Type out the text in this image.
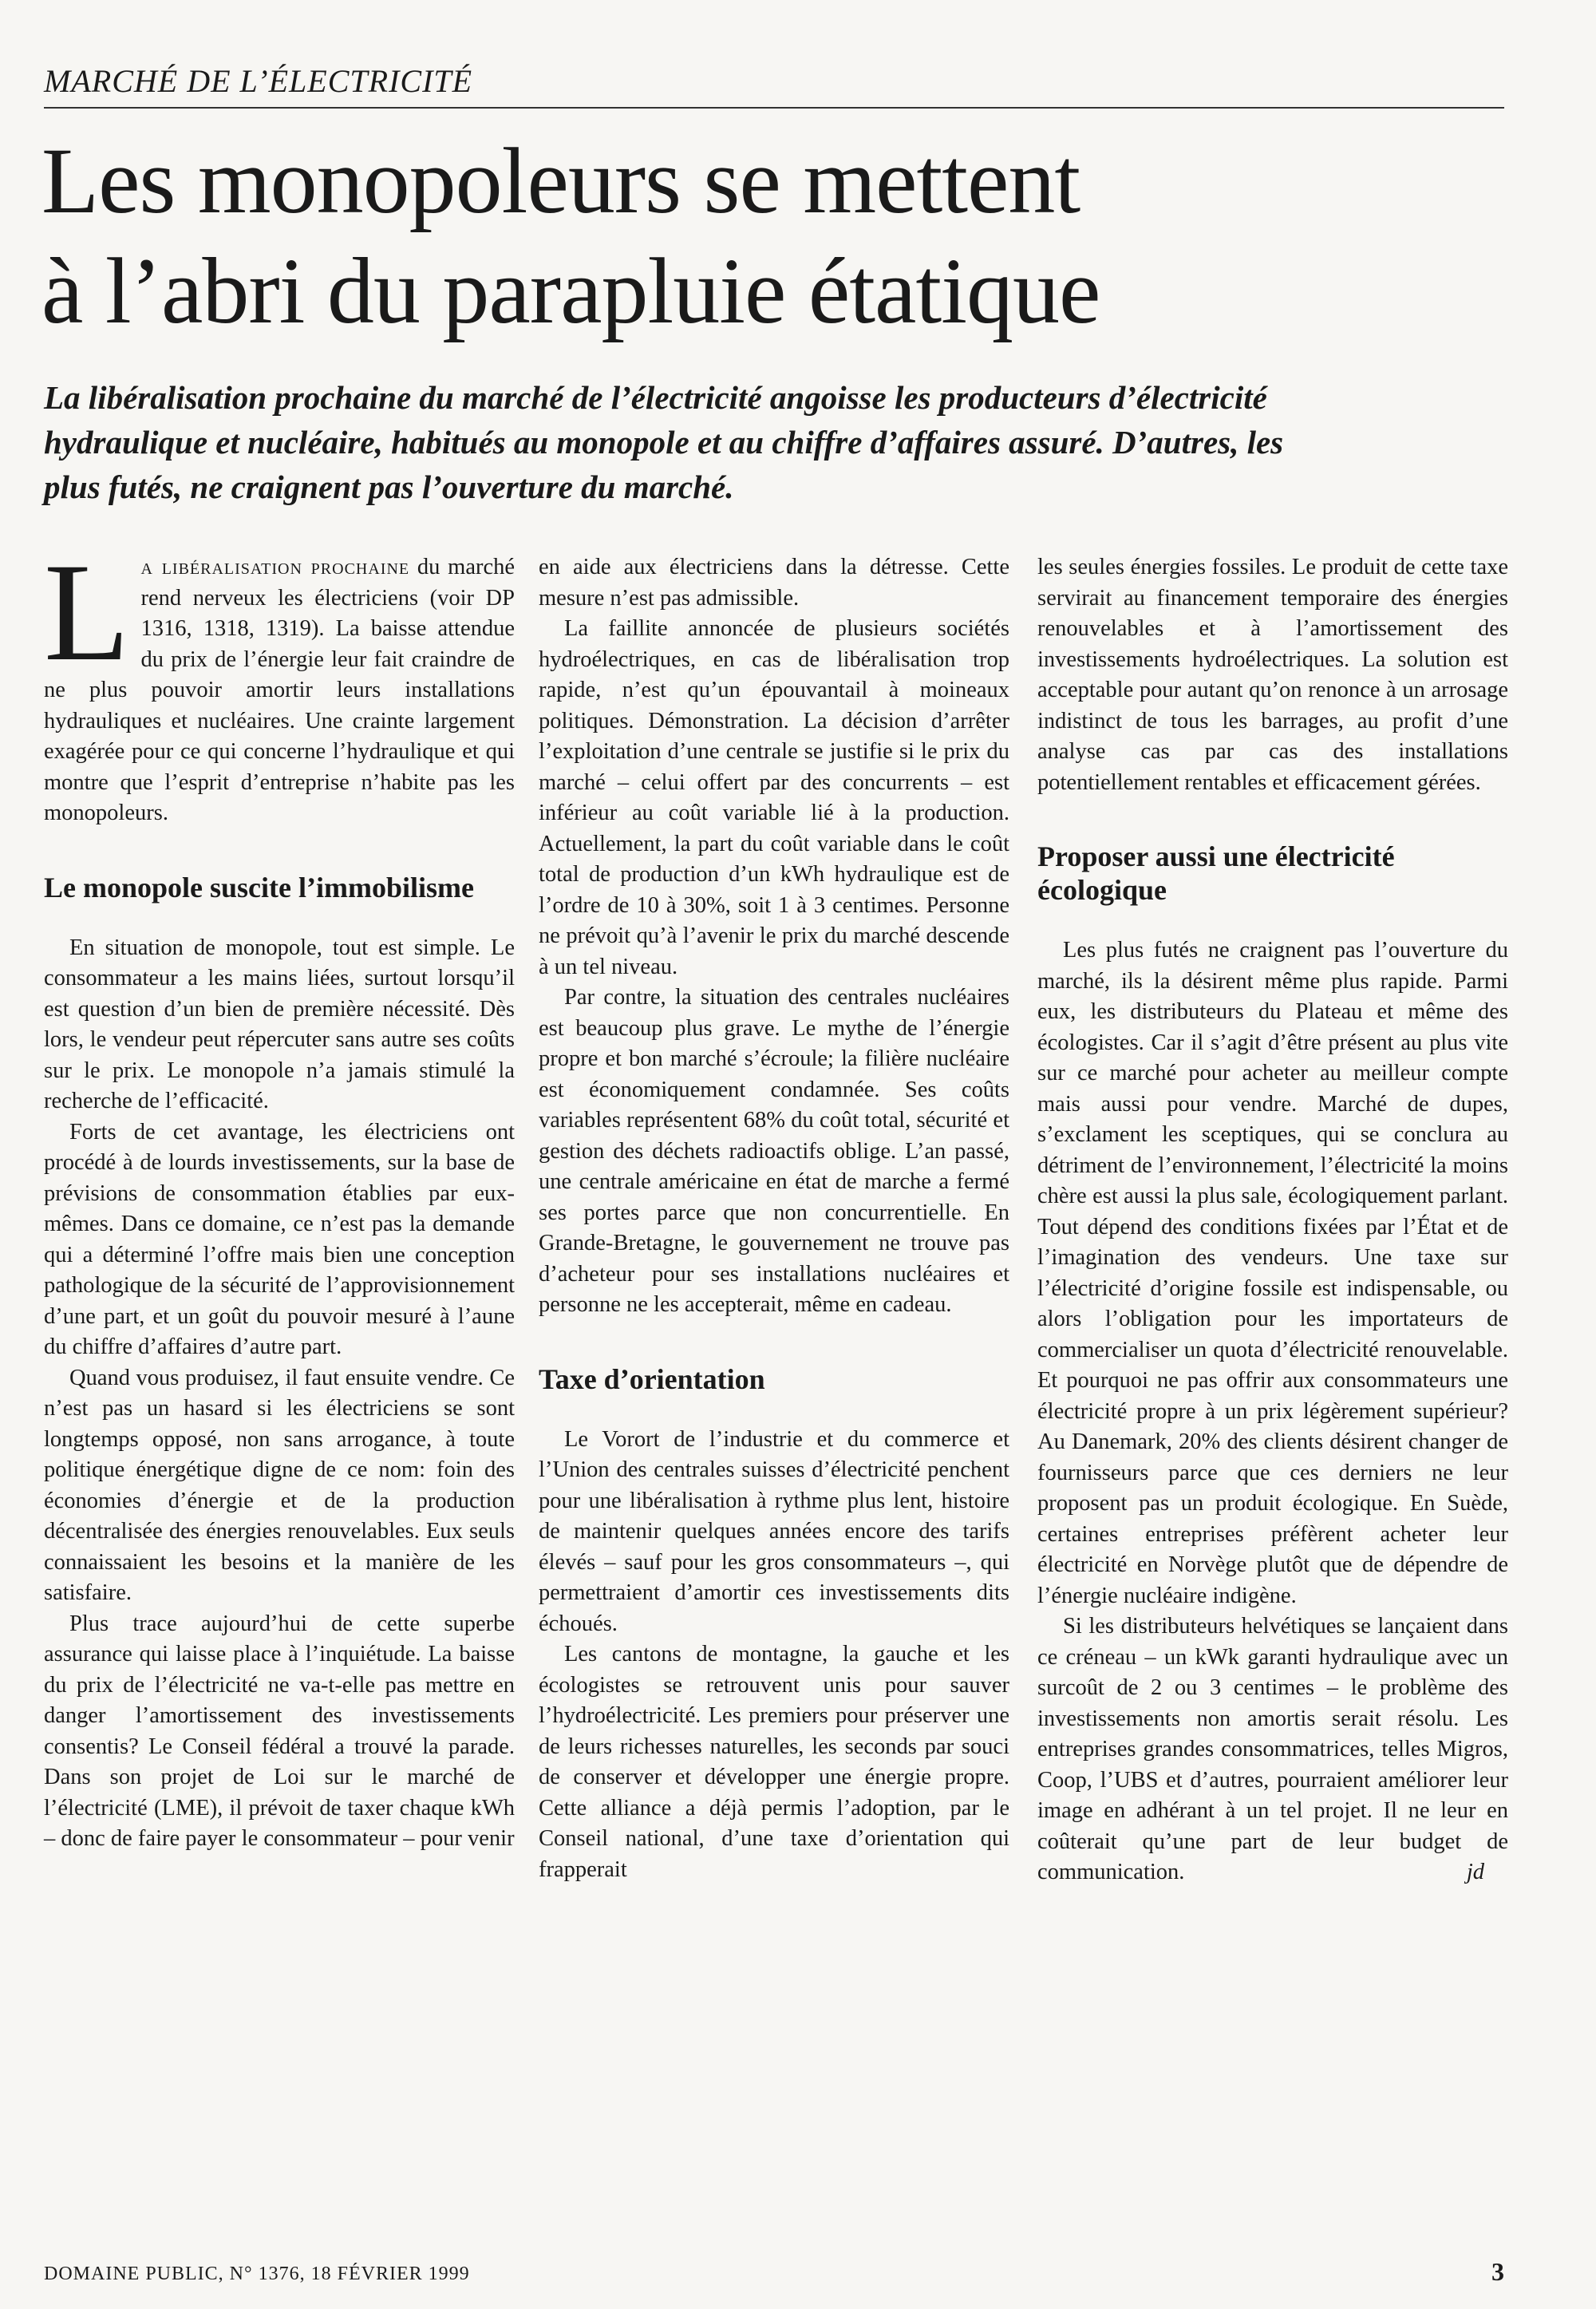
MARCHÉ DE L’ÉLECTRICITÉ
Les monopoleurs se mettent
à l’abri du parapluie étatique

La libéralisation prochaine du marché de l’électricité angoisse les producteurs d’électricité hydraulique et nucléaire, habitués au monopole et au chiffre d’affaires assuré. D’autres, les plus futés, ne craignent pas l’ouverture du marché.

La libéralisation prochaine du marché rend nerveux les électriciens (voir DP 1316, 1318, 1319). La baisse attendue du prix de l’énergie leur fait craindre de ne plus pouvoir amortir leurs installations hydrauliques et nucléaires. Une crainte largement exagérée pour ce qui concerne l’hydraulique et qui montre que l’esprit d’entreprise n’habite pas les monopoleurs.

Le monopole suscite l’immobilisme

En situation de monopole, tout est simple. Le consommateur a les mains liées, surtout lorsqu’il est question d’un bien de première nécessité. Dès lors, le vendeur peut répercuter sans autre ses coûts sur le prix. Le monopole n’a jamais stimulé la recherche de l’efficacité.

Forts de cet avantage, les électriciens ont procédé à de lourds investissements, sur la base de prévisions de consommation établies par eux-mêmes. Dans ce domaine, ce n’est pas la demande qui a déterminé l’offre mais bien une conception pathologique de la sécurité de l’approvisionnement d’une part, et un goût du pouvoir mesuré à l’aune du chiffre d’affaires d’autre part.

Quand vous produisez, il faut ensuite vendre. Ce n’est pas un hasard si les électriciens se sont longtemps opposé, non sans arrogance, à toute politique énergétique digne de ce nom: foin des économies d’énergie et de la production décentralisée des énergies renouvelables. Eux seuls connaissaient les besoins et la manière de les satisfaire.

Plus trace aujourd’hui de cette superbe assurance qui laisse place à l’inquiétude. La baisse du prix de l’électricité ne va-t-elle pas mettre en danger l’amortissement des investissements consentis? Le Conseil fédéral a trouvé la parade. Dans son projet de Loi sur le marché de l’électricité (LME), il prévoit de taxer chaque kWh – donc de faire payer le consommateur – pour venir

en aide aux électriciens dans la détresse. Cette mesure n’est pas admissible.

La faillite annoncée de plusieurs sociétés hydroélectriques, en cas de libéralisation trop rapide, n’est qu’un épouvantail à moineaux politiques. Démonstration. La décision d’arrêter l’exploitation d’une centrale se justifie si le prix du marché – celui offert par des concurrents – est inférieur au coût variable lié à la production. Actuellement, la part du coût variable dans le coût total de production d’un kWh hydraulique est de l’ordre de 10 à 30%, soit 1 à 3 centimes. Personne ne prévoit qu’à l’avenir le prix du marché descende à un tel niveau.

Par contre, la situation des centrales nucléaires est beaucoup plus grave. Le mythe de l’énergie propre et bon marché s’écroule; la filière nucléaire est économiquement condamnée. Ses coûts variables représentent 68% du coût total, sécurité et gestion des déchets radioactifs oblige. L’an passé, une centrale américaine en état de marche a fermé ses portes parce que non concurrentielle. En Grande-Bretagne, le gouvernement ne trouve pas d’acheteur pour ses installations nucléaires et personne ne les accepterait, même en cadeau.

Taxe d’orientation

Le Vorort de l’industrie et du commerce et l’Union des centrales suisses d’électricité penchent pour une libéralisation à rythme plus lent, histoire de maintenir quelques années encore des tarifs élevés – sauf pour les gros consommateurs –, qui permettraient d’amortir ces investissements dits échoués.

Les cantons de montagne, la gauche et les écologistes se retrouvent unis pour sauver l’hydroélectricité. Les premiers pour préserver une de leurs richesses naturelles, les seconds par souci de conserver et développer une énergie propre. Cette alliance a déjà permis l’adoption, par le Conseil national, d’une taxe d’orientation qui frapperait

les seules énergies fossiles. Le produit de cette taxe servirait au financement temporaire des énergies renouvelables et à l’amortissement des investissements hydroélectriques. La solution est acceptable pour autant qu’on renonce à un arrosage indistinct de tous les barrages, au profit d’une analyse cas par cas des installations potentiellement rentables et efficacement gérées.

Proposer aussi une électricité écologique

Les plus futés ne craignent pas l’ouverture du marché, ils la désirent même plus rapide. Parmi eux, les distributeurs du Plateau et même des écologistes. Car il s’agit d’être présent au plus vite sur ce marché pour acheter au meilleur compte mais aussi pour vendre. Marché de dupes, s’exclament les sceptiques, qui se conclura au détriment de l’environnement, l’électricité la moins chère est aussi la plus sale, écologiquement parlant. Tout dépend des conditions fixées par l’État et de l’imagination des vendeurs. Une taxe sur l’électricité d’origine fossile est indispensable, ou alors l’obligation pour les importateurs de commercialiser un quota d’électricité renouvelable. Et pourquoi ne pas offrir aux consommateurs une électricité propre à un prix légèrement supérieur? Au Danemark, 20% des clients désirent changer de fournisseurs parce que ces derniers ne leur proposent pas un produit écologique. En Suède, certaines entreprises préfèrent acheter leur électricité en Norvège plutôt que de dépendre de l’énergie nucléaire indigène.

Si les distributeurs helvétiques se lançaient dans ce créneau – un kWk garanti hydraulique avec un surcoût de 2 ou 3 centimes – le problème des investissements non amortis serait résolu. Les entreprises grandes consommatrices, telles Migros, Coop, l’UBS et d’autres, pourraient améliorer leur image en adhérant à un tel projet. Il ne leur en coûterait qu’une part de leur budget de communication.	jd

DOMAINE PUBLIC, N° 1376, 18 FÉVRIER 1999	3
